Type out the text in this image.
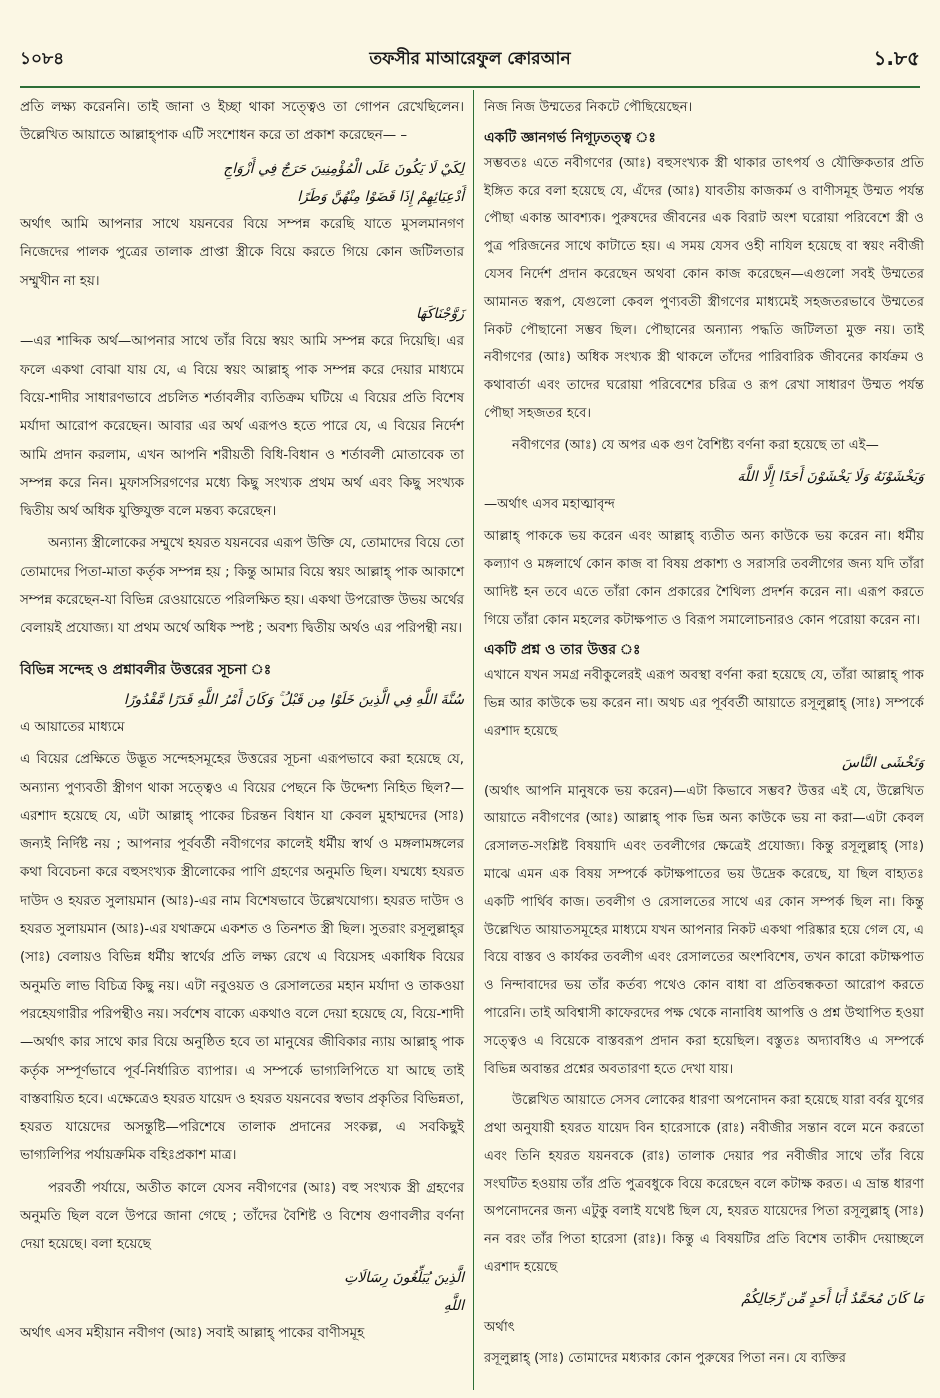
১০৮৪	তফসীর মাআরেফুল ক্বোরআন	১.৮৫

প্রতি লক্ষ্য করেননি। তাই জানা ও ইচ্ছা থাকা সত্ত্বেও তা গোপন রেখেছিলেন। উল্লেখিত আয়াতে আল্লাহ্‌পাক এটি সংশোধন করে তা প্রকাশ করেছেন— –

لِكَيْ لَا يَكُونَ عَلَى الْمُؤْمِنِينَ حَرَجٌ فِي أَزْوَاجِ
أَدْعِيَائِهِمْ إِذَا قَضَوْا مِنْهُنَّ وَطَرًا

অর্থাৎ আমি আপনার সাথে যয়নবের বিয়ে সম্পন্ন করেছি যাতে মুসলমানগণ নিজেদের পালক পুত্রের তালাক প্রাপ্তা স্ত্রীকে বিয়ে করতে গিয়ে কোন জটিলতার সম্মুখীন না হয়।

زَوَّجْنَاكَهَا

—এর শাব্দিক অর্থ—আপনার সাথে তাঁর বিয়ে স্বয়ং আমি সম্পন্ন করে দিয়েছি। এর ফলে একথা বোঝা যায় যে, এ বিয়ে স্বয়ং আল্লাহ্‌ পাক সম্পন্ন করে দেয়ার মাধ্যমে বিয়ে-শাদীর সাধারণভাবে প্রচলিত শর্তাবলীর ব্যতিক্রম ঘটিয়ে এ বিয়ের প্রতি বিশেষ মর্যাদা আরোপ করেছেন। আবার এর অর্থ এরূপও হতে পারে যে, এ বিয়ের নির্দেশ আমি প্রদান করলাম, এখন আপনি শরীয়তী বিধি-বিধান ও শর্তাবলী মোতাবেক তা সম্পন্ন করে নিন। মুফাসসিরগণের মধ্যে কিছু সংখ্যক প্রথম অর্থ এবং কিছু সংখ্যক দ্বিতীয় অর্থ অধিক যুক্তিযুক্ত বলে মন্তব্য করেছেন।

অন্যান্য স্ত্রীলোকের সম্মুখে হযরত যয়নবের এরূপ উক্তি যে, তোমাদের বিয়ে তো তোমাদের পিতা-মাতা কর্তৃক সম্পন্ন হয় ; কিন্তু আমার বিয়ে স্বয়ং আল্লাহ্‌ পাক আকাশে সম্পন্ন করেছেন-যা বিভিন্ন রেওয়ায়েতে পরিলক্ষিত হয়। একথা উপরোক্ত উভয় অর্থের বেলায়ই প্রযোজ্য। যা প্রথম অর্থে অধিক স্পষ্ট ; অবশ্য দ্বিতীয় অর্থও এর পরিপন্থী নয়।

বিভিন্ন সন্দেহ ও প্রশ্নাবলীর উত্তরের সূচনা ঃ
سُنَّةَ اللَّهِ فِي الَّذِينَ خَلَوْا مِن قَبْلُ ۚ وَكَانَ أَمْرُ اللَّهِ قَدَرًا مَّقْدُورًا

এ আয়াতের মাধ্যমে

এ বিয়ের প্রেক্ষিতে উদ্ভূত সন্দেহসমূহের উত্তরের সূচনা এরূপভাবে করা হয়েছে যে, অন্যান্য পুণ্যবতী স্ত্রীগণ থাকা সত্ত্বেও এ বিয়ের পেছনে কি উদ্দেশ্য নিহিত ছিল?—এরশাদ হয়েছে যে, এটা আল্লাহ্‌ পাকের চিরন্তন বিধান যা কেবল মুহাম্মদের (সাঃ) জন্যই নির্দিষ্ট নয় ; আপনার পূর্ববর্তী নবীগণের কালেই ধর্মীয় স্বার্থ ও মঙ্গলামঙ্গলের কথা বিবেচনা করে বহুসংখ্যক স্ত্রীলোকের পাণি গ্রহণের অনুমতি ছিল। যম্মধ্যে হযরত দাউদ ও হযরত সুলায়মান (আঃ)-এর নাম বিশেষভাবে উল্লেখযোগ্য। হযরত দাউদ ও হযরত সুলায়মান (আঃ)-এর যথাক্রমে একশত ও তিনশত স্ত্রী ছিল। সুতরাং রসূলুল্লাহ্‌র (সাঃ) বেলায়ও বিভিন্ন ধর্মীয় স্বার্থের প্রতি লক্ষ্য রেখে এ বিয়েসহ একাধিক বিয়ের অনুমতি লাভ বিচিত্র কিছু নয়। এটা নবুওয়ত ও রেসালতের মহান মর্যাদা ও তাকওয়া পরহেযগারীর পরিপন্থীও নয়। সর্বশেষ বাক্যে একথাও বলে দেয়া হয়েছে যে, বিয়ে-শাদী—অর্থাৎ কার সাথে কার বিয়ে অনুষ্ঠিত হবে তা মানুষের জীবিকার ন্যায় আল্লাহ্‌ পাক কর্তৃক সম্পূর্ণভাবে পূর্ব-নির্ধারিত ব্যাপার। এ সম্পর্কে ভাগ্যলিপিতে যা আছে তাই বাস্তবায়িত হবে। এক্ষেত্রেও হযরত যায়েদ ও হযরত যয়নবের স্বভাব প্রকৃতির বিভিন্নতা, হযরত যায়েদের অসন্তুষ্টি—পরিশেষে তালাক প্রদানের সংকল্প, এ সবকিছুই ভাগ্যলিপির পর্যায়ক্রমিক বহিঃপ্রকাশ মাত্র।

পরবর্তী পর্যায়ে, অতীত কালে যেসব নবীগণের (আঃ) বহু সংখ্যক স্ত্রী গ্রহণের অনুমতি ছিল বলে উপরে জানা গেছে ; তাঁদের বৈশিষ্ট ও বিশেষ গুণাবলীর বর্ণনা দেয়া হয়েছে। বলা হয়েছে

الَّذِينَ يُبَلِّغُونَ رِسَالَاتِ
اللَّهِ

অর্থাৎ এসব মহীয়ান নবীগণ (আঃ) সবাই আল্লাহ্‌ পাকের বাণীসমূহ

নিজ নিজ উম্মতের নিকটে পৌছিয়েছেন।

একটি জ্ঞানগর্ভ নিগূঢ়তত্ত্ব ঃ

সম্ভবতঃ এতে নবীগণের (আঃ) বহুসংখ্যক স্ত্রী থাকার তাৎপর্য ও যৌক্তিকতার প্রতি ইঙ্গিত করে বলা হয়েছে যে, এঁদের (আঃ) যাবতীয় কাজকর্ম ও বাণীসমূহ উম্মত পর্যন্ত পৌছা একান্ত আবশ্যক। পুরুষদের জীবনের এক বিরাট অংশ ঘরোয়া পরিবেশে স্ত্রী ও পুত্র পরিজনের সাথে কাটাতে হয়। এ সময় যেসব ওহী নাযিল হয়েছে বা স্বয়ং নবীজী যেসব নির্দেশ প্রদান করেছেন অথবা কোন কাজ করেছেন—এগুলো সবই উম্মতের আমানত স্বরূপ, যেগুলো কেবল পুণ্যবতী স্ত্রীগণের মাধ্যমেই সহজতরভাবে উম্মতের নিকট পৌছানো সম্ভব ছিল। পৌছানের অন্যান্য পদ্ধতি জটিলতা মুক্ত নয়। তাই নবীগণের (আঃ) অধিক সংখ্যক স্ত্রী থাকলে তাঁদের পারিবারিক জীবনের কার্যক্রম ও কথাবার্তা এবং তাদের ঘরোয়া পরিবেশের চরিত্র ও রূপ রেখা সাধারণ উম্মত পর্যন্ত পৌছা সহজতর হবে।

নবীগণের (আঃ) যে অপর এক গুণ বৈশিষ্ট্য বর্ণনা করা হয়েছে তা এই—

وَيَخْشَوْنَهُ وَلَا يَخْشَوْنَ أَحَدًا إِلَّا اللَّهَ

—অর্থাৎ এসব মহাত্মাবৃন্দ

আল্লাহ্‌ পাককে ভয় করেন এবং আল্লাহ্‌ ব্যতীত অন্য কাউকে ভয় করেন না। ধর্মীয় কল্যাণ ও মঙ্গলার্থে কোন কাজ বা বিষয় প্রকাশ্য ও সরাসরি তবলীগের জন্য যদি তাঁরা আদিষ্ট হন তবে এতে তাঁরা কোন প্রকারের শৈথিল্য প্রদর্শন করেন না। এরূপ করতে গিয়ে তাঁরা কোন মহলের কটাক্ষপাত ও বিরূপ সমালোচনারও কোন পরোয়া করেন না।

একটি প্রশ্ন ও তার উত্তর ঃ

এখানে যখন সমগ্র নবীকুলেরই এরূপ অবস্থা বর্ণনা করা হয়েছে যে, তাঁরা আল্লাহ্‌ পাক ভিন্ন আর কাউকে ভয় করেন না। অথচ এর পূর্ববর্তী আয়াতে রসূলুল্লাহ্‌ (সাঃ) সম্পর্কে এরশাদ হয়েছে

وَتَخْشَى النَّاسَ

(অর্থাৎ আপনি মানুষকে ভয় করেন)—এটা কিভাবে সম্ভব? উত্তর এই যে, উল্লেখিত আয়াতে নবীগণের (আঃ) আল্লাহ্‌ পাক ভিন্ন অন্য কাউকে ভয় না করা—এটা কেবল রেসালত-সংশ্লিষ্ট বিষয়াদি এবং তবলীগের ক্ষেত্রেই প্রযোজ্য। কিন্তু রসূলুল্লাহ্‌ (সাঃ) মাঝে এমন এক বিষয় সম্পর্কে কটাক্ষপাতের ভয় উদ্রেক করেছে, যা ছিল বাহ্যতঃ একটি পার্থিব কাজ। তবলীগ ও রেসালতের সাথে এর কোন সম্পর্ক ছিল না। কিন্তু উল্লেখিত আয়াতসমূহের মাধ্যমে যখন আপনার নিকট একথা পরিষ্কার হয়ে গেল যে, এ বিয়ে বাস্তব ও কার্যকর তবলীগ এবং রেসালতের অংশবিশেষ, তখন কারো কটাক্ষপাত ও নিন্দাবাদের ভয় তাঁর কর্তব্য পথেও কোন বাধা বা প্রতিবন্ধকতা আরোপ করতে পারেনি। তাই অবিশ্বাসী কাফেরদের পক্ষ থেকে নানাবিধ আপত্তি ও প্রশ্ন উত্থাপিত হওয়া সত্ত্বেও এ বিয়েকে বাস্তবরূপ প্রদান করা হয়েছিল। বস্তুতঃ অদ্যাবধিও এ সম্পর্কে বিভিন্ন অবান্তর প্রশ্নের অবতারণা হতে দেখা যায়।

উল্লেখিত আয়াতে সেসব লোকের ধারণা অপনোদন করা হয়েছে যারা বর্বর যুগের প্রথা অনুযায়ী হযরত যায়েদ বিন হারেসাকে (রাঃ) নবীজীর সন্তান বলে মনে করতো এবং তিনি হযরত যয়নবকে (রাঃ) তালাক দেয়ার পর নবীজীর সাথে তাঁর বিয়ে সংঘটিত হওয়ায় তাঁর প্রতি পুত্রবধুকে বিয়ে করেছেন বলে কটাক্ষ করত। এ ভ্রান্ত ধারণা অপনোদনের জন্য এটুকু বলাই যথেষ্ট ছিল যে, হযরত যায়েদের পিতা রসূলুল্লাহ্‌ (সাঃ) নন বরং তাঁর পিতা হারেসা (রাঃ)। কিন্তু এ বিষয়টির প্রতি বিশেষ তাকীদ দেয়াচ্ছলে এরশাদ হয়েছে

مَا كَانَ مُحَمَّدٌ أَبَا أَحَدٍ مِّن رِّجَالِكُمْ

অর্থাৎ

রসূলুল্লাহ্‌ (সাঃ) তোমাদের মধ্যকার কোন পুরুষের পিতা নন। যে ব্যক্তির
